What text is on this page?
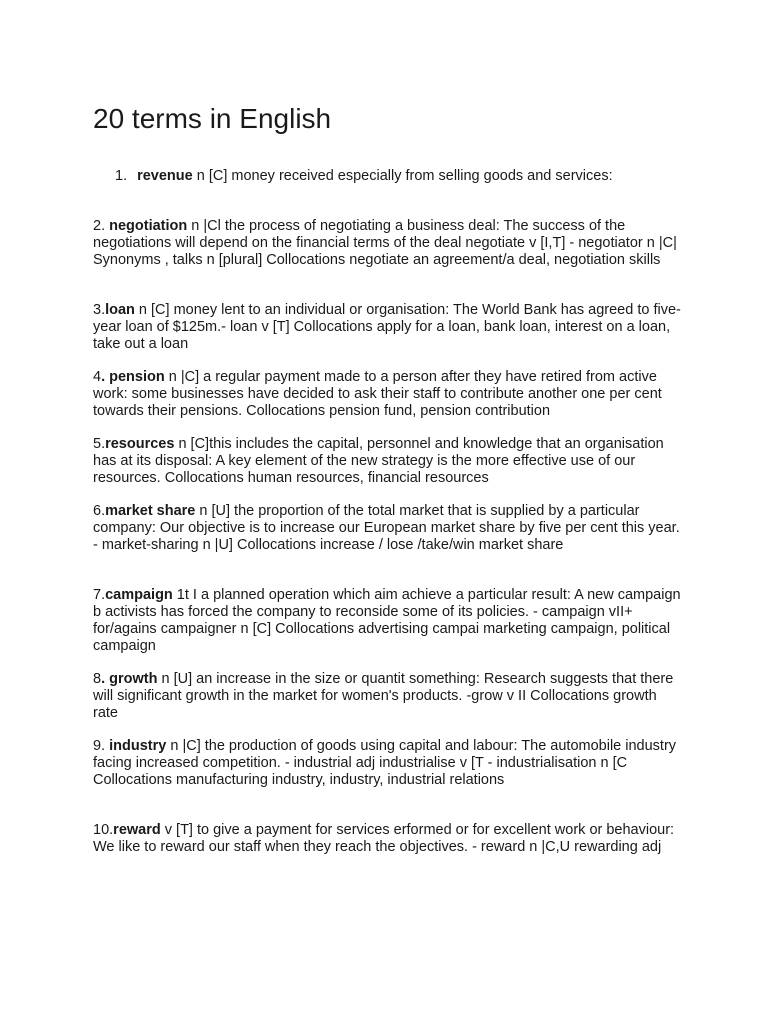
20 terms in English

1. revenue n [C] money received especially from selling goods and services:

2. negotiation n |Cl the process of negotiating a business deal: The success of the negotiations will depend on the financial terms of the deal negotiate v [I,T] - negotiator n |C| Synonyms , talks n [plural] Collocations negotiate an agreement/a deal, negotiation skills

3.loan n [C] money lent to an individual or organisation: The World Bank has agreed to five-year loan of $125m.- loan v [T] Collocations apply for a loan, bank loan, interest on a loan, take out a loan

4. pension n |C] a regular payment made to a person after they have retired from active work: some businesses have decided to ask their staff to contribute another one per cent towards their pensions. Collocations pension fund, pension contribution

5.resources n [C]this includes the capital, personnel and knowledge that an organisation has at its disposal: A key element of the new strategy is the more effective use of our resources. Collocations human resources, financial resources

6.market share n [U] the proportion of the total market that is supplied by a particular company: Our objective is to increase our European market share by five per cent this year. - market-sharing n |U] Collocations increase / lose /take/win market share

7.campaign 1t I a planned operation which aim achieve a particular result: A new campaign b activists has forced the company to reconside some of its policies. - campaign vII+ for/agains campaigner n [C] Collocations advertising campai marketing campaign, political campaign

8. growth n [U] an increase in the size or quantit something: Research suggests that there will significant growth in the market for women's products. -grow v II Collocations growth rate

9. industry n |C] the production of goods using capital and labour: The automobile industry facing increased competition. - industrial adj industrialise v [T - industrialisation n [C Collocations manufacturing industry, industry, industrial relations

10.reward v [T] to give a payment for services erformed or for excellent work or behaviour: We like to reward our staff when they reach the objectives. - reward n |C,U rewarding adj
